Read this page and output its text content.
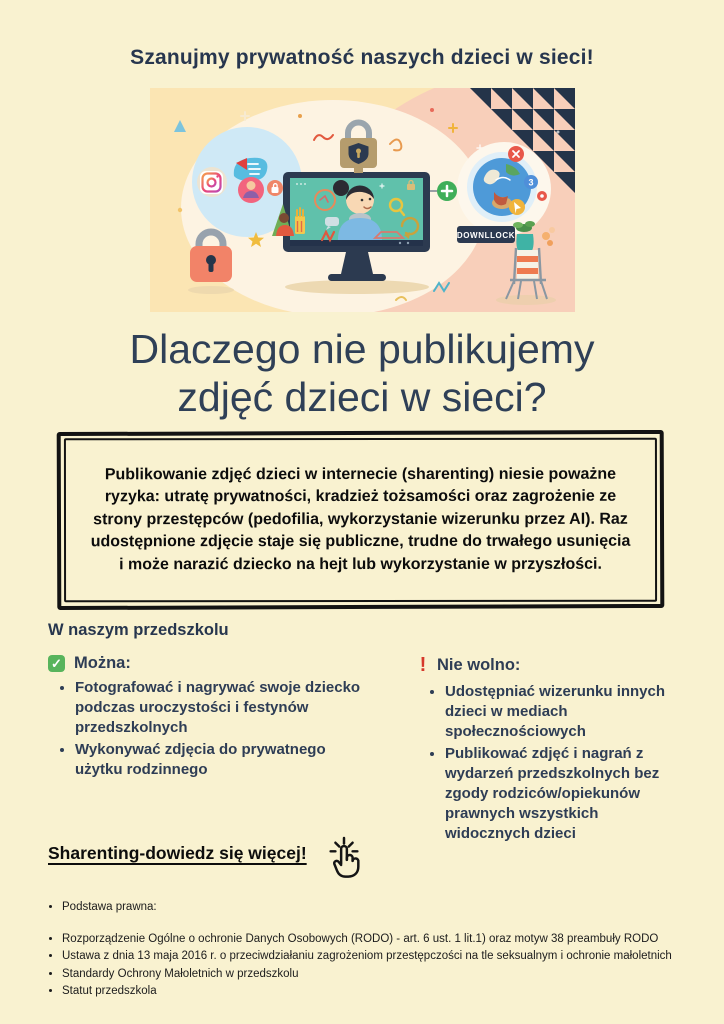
Szanujmy prywatność naszych dzieci w sieci!
3
DOWNLLOCK
Dlaczego nie publikujemy
zdjęć dzieci w sieci?
Publikowanie zdjęć dzieci w internecie (sharenting) niesie poważne ryzyka: utratę prywatności, kradzież tożsamości oraz zagrożenie ze strony przestępców (pedofilia, wykorzystanie wizerunku przez AI). Raz udostępnione zdjęcie staje się publiczne, trudne do trwałego usunięcia i może narazić dziecko na hejt lub wykorzystanie w przyszłości.
W naszym przedszkolu
✓ Można:
• Fotografować i nagrywać swoje dziecko podczas uroczystości i festynów przedszkolnych
• Wykonywać zdjęcia do prywatnego użytku rodzinnego
! Nie wolno:
• Udostępniać wizerunku innych dzieci w mediach społecznościowych
• Publikować zdjęć i nagrań z wydarzeń przedszkolnych bez zgody rodziców/opiekunów prawnych wszystkich widocznych dzieci
Sharenting-dowiedz się więcej!
• Podstawa prawna:
• Rozporządzenie Ogólne o ochronie Danych Osobowych (RODO) - art. 6 ust. 1 lit.1) oraz motyw 38 preambuły RODO
• Ustawa z dnia 13 maja 2016 r. o przeciwdziałaniu zagrożeniom przestępczości na tle seksualnym i ochronie małoletnich
• Standardy Ochrony Małoletnich w przedszkolu
• Statut przedszkola
